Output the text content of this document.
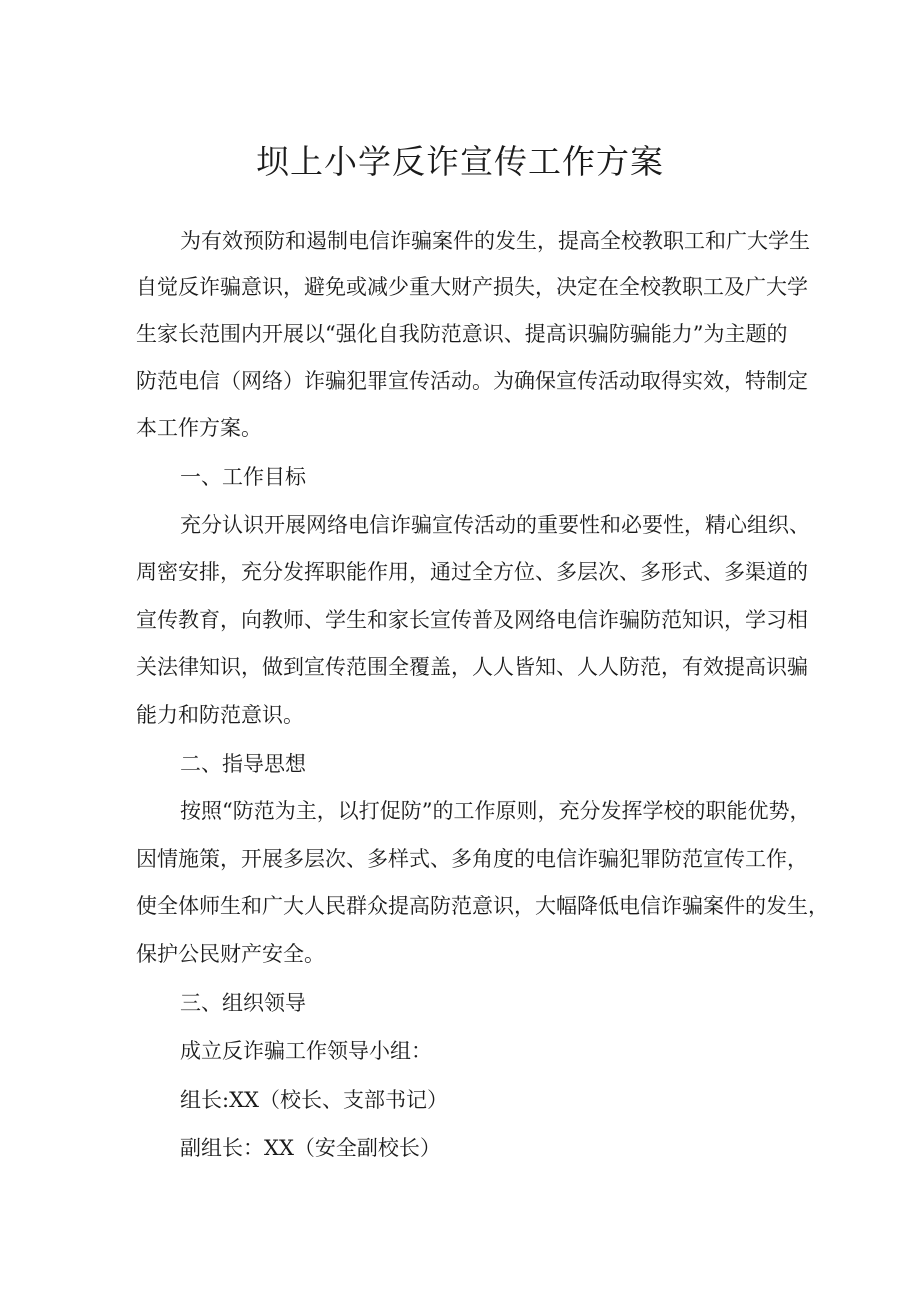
坝上小学反诈宣传工作方案
为有效预防和遏制电信诈骗案件的发生，提高全校教职工和广大学生
自觉反诈骗意识，避免或减少重大财产损失，决定在全校教职工及广大学
生家长范围内开展以“强化自我防范意识、提高识骗防骗能力”为主题的
防范电信（网络）诈骗犯罪宣传活动。为确保宣传活动取得实效，特制定
本工作方案。
一、工作目标
充分认识开展网络电信诈骗宣传活动的重要性和必要性，精心组织、
周密安排，充分发挥职能作用，通过全方位、多层次、多形式、多渠道的
宣传教育，向教师、学生和家长宣传普及网络电信诈骗防范知识，学习相
关法律知识，做到宣传范围全覆盖，人人皆知、人人防范，有效提高识骗
能力和防范意识。
二、指导思想
按照“防范为主，以打促防”的工作原则，充分发挥学校的职能优势，
因情施策，开展多层次、多样式、多角度的电信诈骗犯罪防范宣传工作，
使全体师生和广大人民群众提高防范意识，大幅降低电信诈骗案件的发生，
保护公民财产安全。
三、组织领导
成立反诈骗工作领导小组：
组长:XX（校长、支部书记）
副组长：XX（安全副校长）
